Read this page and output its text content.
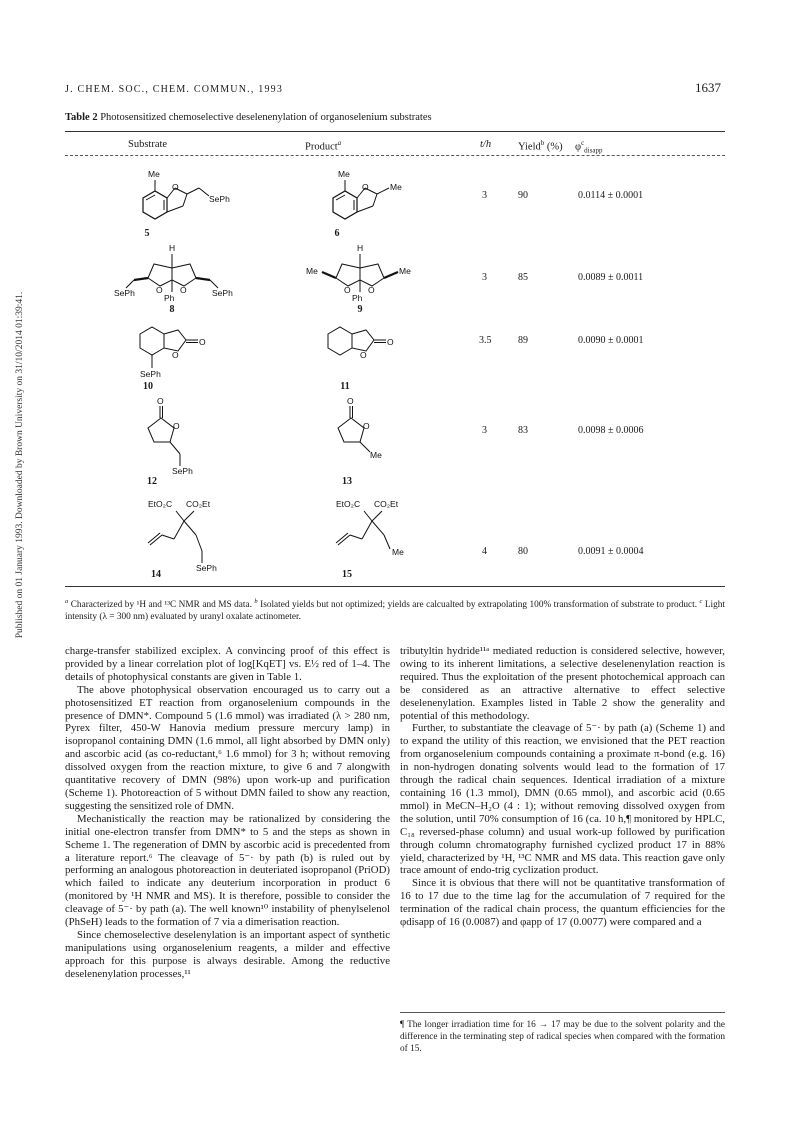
Published on 01 January 1993. Downloaded by Brown University on 31/10/2014 01:39:41.
J. CHEM. SOC., CHEM. COMMUN., 1993	1637
Table 2 Photosensitized chemoselective deselenenylation of organoselenium substrates
Substrate	Product$^a$	t/h	Yield$^b$ (%) $\varphi^c_{disapp}$
Me
O
SePh
Me
O	Me
5	6
3	90	0.0114 ± 0.0001
H
O O
Ph
SePh	SePh
H
O O
Ph
Me	Me
8	9
3	85	0.0089 ± 0.0011
O
O
SePh
O
O
10	11
3.5	89	0.0090 ± 0.0001
O
O
SePh
O
O
Me
12	13
3	83	0.0098 ± 0.0006
EtO₂C CO₂Et
SePh
EtO₂C CO₂Et
Me
14	15
4	80	0.0091 ± 0.0004
$^a$ Characterized by ¹H and ¹³C NMR and MS data. $^b$ Isolated yields but not optimized; yields are calcualted by extrapolating 100% transformation of substrate to product. $^c$ Light intensity (λ = 300 nm) evaluated by uranyl oxalate actinometer.

charge-transfer stabilized exciplex. A convincing proof of this effect is provided by a linear correlation plot of log[KqET] vs. E½ red of 1–4. The details of photophysical constants are given in Table 1.

The above photophysical observation encouraged us to carry out a photosensitized ET reaction from organoselenium compounds in the presence of DMN*. Compound 5 (1.6 mmol) was irradiated (λ > 280 nm, Pyrex filter, 450-W Hanovia medium pressure mercury lamp) in isopropanol containing DMN (1.6 mmol, all light absorbed by DMN only) and ascorbic acid (as co-reductant,⁶ 1.6 mmol) for 3 h; without removing dissolved oxygen from the reaction mixture, to give 6 and 7 alongwith quantitative recovery of DMN (98%) upon work-up and purification (Scheme 1). Photoreaction of 5 without DMN failed to show any reaction, suggesting the sensitized role of DMN.

Mechanistically the reaction may be rationalized by considering the initial one-electron transfer from DMN* to 5 and the steps as shown in Scheme 1. The regeneration of DMN by ascorbic acid is precedented from a literature report.⁶ The cleavage of 5⁻· by path (b) is ruled out by performing an analogous photoreaction in deuteriated isopropanol (PriOD) which failed to indicate any deuterium incorporation in product 6 (monitored by ¹H NMR and MS). It is therefore, possible to consider the cleavage of 5⁻· by path (a). The well known¹⁰ instability of phenylselenol (PhSeH) leads to the formation of 7 via a dimerisation reaction.

Since chemoselective deselenylation is an important aspect of synthetic manipulations using organoselenium reagents, a milder and effective approach for this purpose is always desirable. Among the reductive deselenenylation processes,¹¹

tributyltin hydride¹¹ᵃ mediated reduction is considered selective, however, owing to its inherent limitations, a selective deselenenylation reaction is required. Thus the exploitation of the present photochemical approach can be considered as an attractive alternative to effect selective deselenenylation. Examples listed in Table 2 show the generality and potential of this methodology.

Further, to substantiate the cleavage of 5⁻· by path (a) (Scheme 1) and to expand the utility of this reaction, we envisioned that the PET reaction from organoselenium compounds containing a proximate π-bond (e.g. 16) in non-hydrogen donating solvents would lead to the formation of 17 through the radical chain sequences. Identical irradiation of a mixture containing 16 (1.3 mmol), DMN (0.65 mmol), and ascorbic acid (0.65 mmol) in MeCN–H₂O (4 : 1); without removing dissolved oxygen from the solution, until 70% consumption of 16 (ca. 10 h,¶ monitored by HPLC, C₁₈ reversed-phase column) and usual work-up followed by purification through column chromatography furnished cyclized product 17 in 88% yield, characterized by ¹H, ¹³C NMR and MS data. This reaction gave only trace amount of endo-trig cyclization product.

Since it is obvious that there will not be quantitative transformation of 16 to 17 due to the time lag for the accumulation of 7 required for the termination of the radical chain process, the quantum efficiencies for the φdisapp of 16 (0.0087) and φapp of 17 (0.0077) were compared and a

¶ The longer irradiation time for 16 → 17 may be due to the solvent polarity and the difference in the terminating step of radical species when compared with the formation of 15.
